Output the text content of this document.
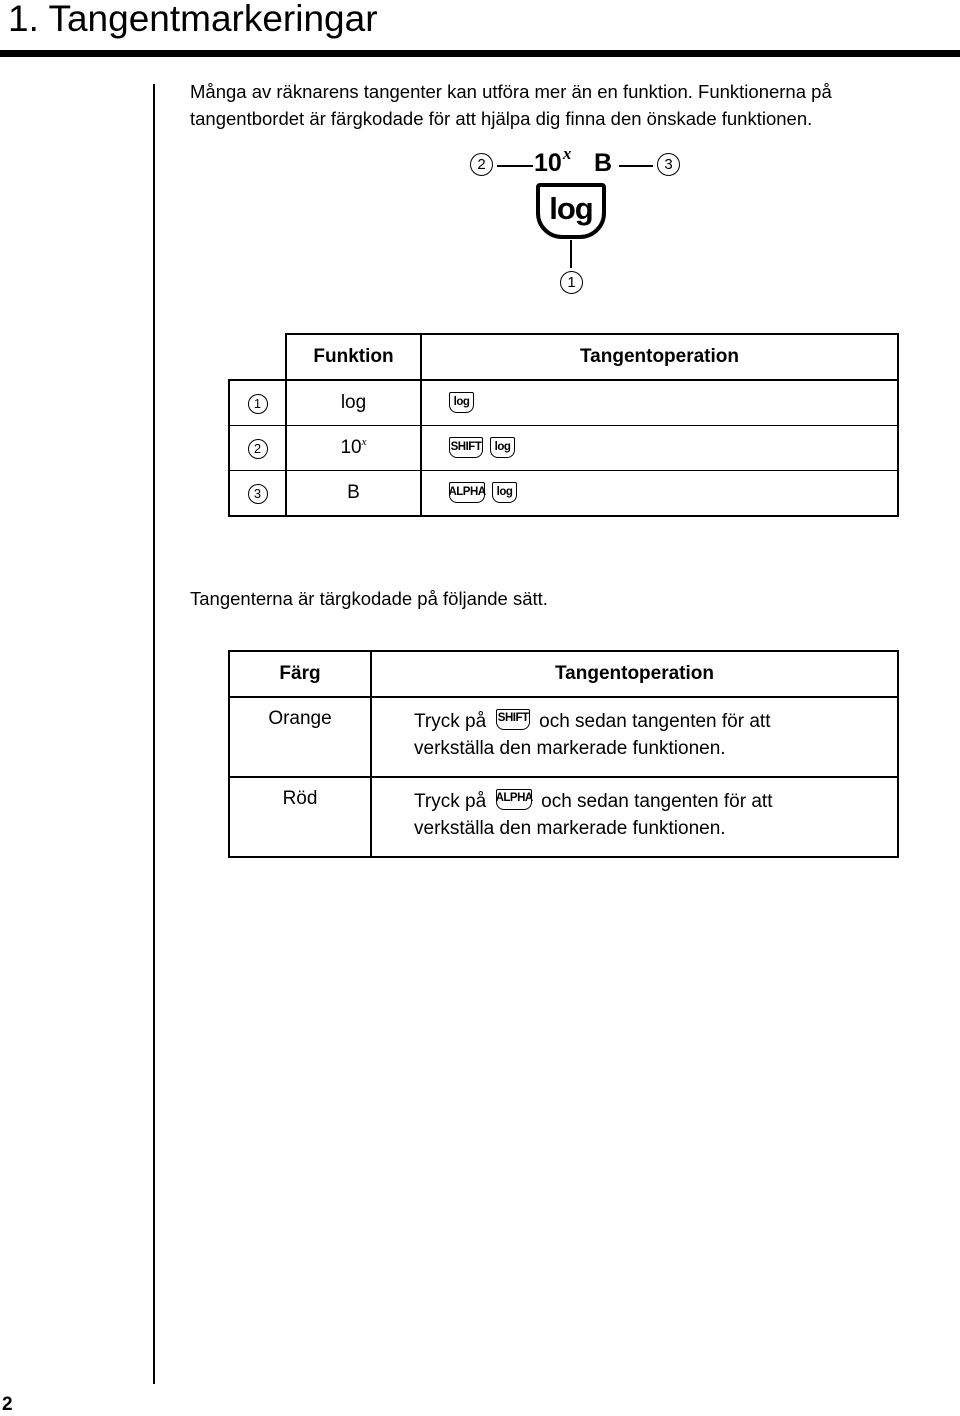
1. Tangentmarkeringar

Många av räknarens tangenter kan utföra mer än en funktion. Funktionerna på
tangentbordet är färgkodade för att hjälpa dig finna den önskade funktionen.

2 10$^x$ B	3
log
1
	Funktion	Tangentoperation
1	log	log
2	10$^x$	SHIFT log
3	B	ALPHA log

Tangenterna är tärgkodade på följande sätt.

Färg	Tangentoperation
Orange	Tryck på SHIFT och sedan tangenten för att
verkställa den markerade funktionen.
Röd	Tryck på ALPHA och sedan tangenten för att
verkställa den markerade funktionen.
2
